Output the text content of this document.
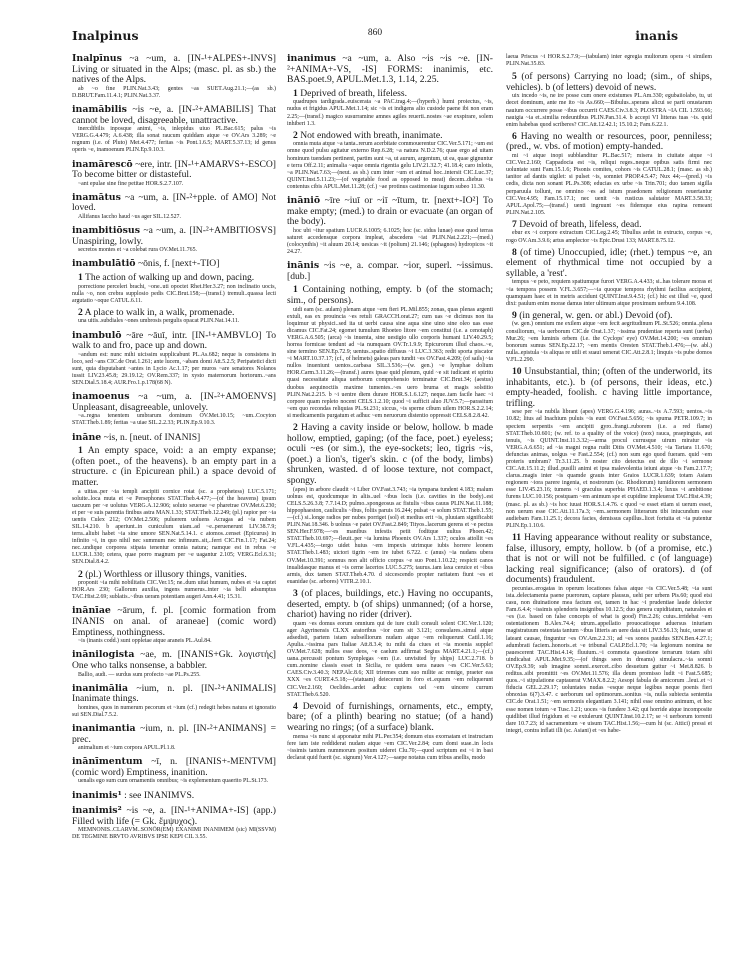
Inalpinus	860	inanis

Inalpīnus ~a ~um, a. [IN-¹+ALPES+-INVS] Living or situated in the Alps; (masc. pl. as sb.) the natives of the Alps.

ab ~o fine PLIN.Nat.3.43; gentes ~as SUET.Aug.21.1;—(as sb.) D.BRUT.Fam.11.4.1; PLIN.Nat.3.37.

inamābilis ~is ~e, a. [IN-²+AMABILIS] That cannot be loved, disagreeable, unattractive.

inercdibilis inposque animi, ~is, inlepidus uiuo PL.Bac.615; palus ~is VERG.G.4.479; A.6.438; illa sonat raucum quiddam atque ~e OV.Ars 3.289; ~e regnum (i.e. of Pluto) Met.4.477; feritas ~is Pont.1.6.5; MART.5.37.13; id genus operis ~e, inamoenum PLIN.Ep.9.10.3.

inamārescō ~ere, intr. [IN-¹+AMARVS+-ESCO] To become bitter or distasteful.

~ant epulae sine fine petitae HOR.S.2.7.107.

inamātus ~a ~um, a. [IN-²+pple. of AMO] Not loved.

Allifanus Iaccho haud ~us ager SIL.12.527.

inambitiōsus ~a ~um, a. [IN-²+AMBITIOSVS] Unaspiring, lowly.

secretos montes et ~a colebat rura OV.Met.11.765.

inambulātiō ~ōnis, f. [next+-TIO]

1 The action of walking up and down, pacing.

porrectione perceleri brachi, ~one..uti opoctet Rhet.Her.3.27; non inclinatio uocis, nulla ~o, non crebra supplosio pedis CIC.Brut.158;—(transf.) tremuli..quassa lecti argutatio ~oque CATUL.6.11.

2 A place to walk in, a walk, promenade.

una uitis..subdiales ~ones umbrosis pergulis opacat PLIN.Nat.14.11.

inambulō ~āre ~āuī, intr. [IN-¹+AMBVLO] To walk to and fro, pace up and down.

~andum est: nunc mihi uicissim supplicabunt PL.As.682; neque is consistens in loco, sed ~ans CIC.de Orat.1.261; ante lucem, ~abam domi Att.5.2.5; Peripatetici dicti sunt, quia disputabant ~antes in Lycio Ac.1.17; per muros ~are senatores Nolanos iussit LIV.23.45.8; 29.19.12; OV.Rem.337; in xysto maternorum hortorum..~ans SEN.Dial.5.18.4; AUR.Fro.1.p.178(68 N).

inamoenus ~a ~um, a. [IN-²+AMOENVS] Unpleasant, disagreeable, unlovely.

~a..regna tenentem umbrarum dominum OV.Met.10.15; ~um..Cocyton STAT.Theb.1.89; feritas ~a uiae SIL.2.2.33; PLIN.Ep.9.10.3.

ināne ~is, n. [neut. of INANIS]

1 An empty space, void: a an empty expanse; (often poet., of the heavens). b an empty part in a structure. c (in Epicurean phil.) a space devoid of matter.

a uittas..per ~ia templi ancipiti cornice rotat (sc. a prophetess) LUC.5.171; soluite..loca muta et ~e Persephones STAT.Theb.4.477;—(of the heavens) ipsum uacuum per ~e uolutus VERG.A.12.906; soluto seuerae ~e pharetrae OV.Met.6.230; et per ~e suis parentia finibus astra MAN.1.33; STAT.Theb.12.249; (pl.) rapior per ~ia uentis Culex 212; OV.Met.2.506; puluerem uoluens Acragas ad ~ia nubem SIL.14.210. b aperiunt..in cuniculum uiam..ad ~e..peruenerunt LIV.38.7.9; terra..aliubi habet ~ia sine umore SEN.Nat.5.14.1. c atomos..censet (Epicurus) in infinito ~i, in quo nihil nec summum nec infimum..sit,..ferri CIC.Fin.1.17; Fat.24; nec..undique corporea stipata tenentur omnia natura; namque est in rebus ~e LUCR.1.330; cetera, quae porro magnum per ~e uagantur 2.105; VERG.Ecl.6.31; SEN.Dial.8.4.2.

2 (pl.) Worthless or illusory things, vanities.

proponit ~ia mihi nobilitatis CIC.Ver.15; ne..dum uitat humum, nubes et ~ia captet HOR.Ars 230; Gallorum auxilia, ingens numerus..inter ~ia belli adsumptus TAC.Hist.2.69; sublatis..~ibus ueram potentiam augeri Ann.4.41; 15.31.

inānīae ~ārum, f. pl. [comic formation from INANIS on anal. of araneae] (comic word) Emptiness, nothingness.

~is (inanis codd.) sunt oppletae atque araneis PL.Aul.84.

inānilogista ~ae, m. [INANIS+Gk. λογιστής] One who talks nonsense, a babbler.

Ballio, audi. — surdus sum profecto ~ae PL.Ps.255.

inanimālia ~ium, n. pl. [IN-²+ANIMALIS] Inanimate things.

homines, quos in numerum pecorum et ~ium (cf.) redegit hebes natura et ignoratio sui SEN.Dial.7.5.2.

inanimantia ~ium, n. pl. [IN-²+ANIMANS] = prec.

animalium et ~ium corpora APUL.Pl.1.8.

inānīmentum ~ī, n. [INANIS+-MENTVM] (comic word) Emptiness, inanition.

uenalis ego sum cum ornamentis omnibus; ~is explementum quaerito PL.St.173.

inanimis¹ : see INANIMVS.

inanimis² ~is ~e, a. [IN-¹+ANIMA+-IS] (app.) Filled with life (= Gk. ἔμψυχος).

MEMNONIS..CLARVM..SONŌR(EM) EXANIMI INANIMEM (sic) MI(SSVM) DE TEGMINE BRVTO AVRIBVS IPSE KEPI CIL 3.55.

inanimus ~a ~um, a. Also ~is ~is ~e. [IN-²+ANIMA+-VS, -IS] FORMS: inanimis, etc. BAS.poet.9, APUL.Met.1.3, 1.14, 2.25.

1 Deprived of breath, lifeless.

quadrupes tardigrada..euiscerata ~a PAC.trag.4;—(hyperb.) humi proiectus, ~is, nudus et frigidus APUL.Met.1.14; sic ~is et indigens alio custode paene ibi non eram 2.25;—(transf.) magico susurramine amnes agiles reuerti..nostes ~ae exspirare, solem inhiberi 1.3.

2 Not endowed with breath, inanimate.

omnia muta atque ~a tanta..rerum acerbitate commouerentur CIC.Ver.5.171; ~um est omne quod pulsu agitatur externo Rep.6.28; ~a natura N.D.2.76; quae ergo ad uitam hominum tuendam pertinent, partim sunt ~a, ut aurum, argentum, ut ea, quae gignuntur e terra Off.2.11; animalia ~aque omnia rigentia gelu LIV.21.32.7; 41.18.4; caro inlotis, ~a PLIN.Nat.7.63;—(neut. as sb.) cum inter ~um et animal hoc..intersit CIC.Luc.37; QUINT.Inst.5.11.23;—(of vegetable food as opposed to meat) decem..diebus ~is contentus cibis APUL.Met.11.28; (cf.) ~ae protinus castimoniae iugum subeo 11.30.

ināniō ~īre ~iuī or ~iī ~ītum, tr. [next+-IO²] To make empty; (med.) to drain or evacuate (an organ of the body).

hoc ubi ~itur spatium LUCR.6.1005; 6.1025; hoc (sc. sidus lunae) esse quod terras saturet accedensque corpora impleat, abscedens ~iat PLIN.Nat.2.221;—(med.) (colocynthis) ~it aluum 20.14; uesicas ~it (polium) 21.146; (sphagnos) hydropicos ~it 24.27.

inānis ~is ~e, a. compar. ~ior, superl. ~issimus. [dub.]

1 Containing nothing, empty. b (of the stomach; sim., of persons).

uidi eam (sc. aulam) plenam atque ~em fieri PL.Mil.855; zonas, quas plenas argenti extuli, eas ex prouincia ~es retuli GRACCH.orat.27; cum uas ~e dicimus non ita loquimur ut physici..sed ita ut uerbi causa sine aqua sine uino sine oleo uas esse dicamus CIC.Fat.24; egomet tumulum Rhoeteo litore ~em constitui (i.e. a cenotaph) VERG.A.6.505; (arca) ~is inuenta, sine uestigio ullo corporis humani LIV.40.29.5; horrea formicae tendunt ad ~ia numquam OV.Tr.1.9.9; Epicurorum illud chaos..~e, sine termino SEN.Ep.72.9; uentus..spatio diffusus ~i LUC.3.363; redit sporta piscator ~i MART.10.37.17; (cf., of helmets) galeas pars tundit ~es OV.Fast.4.209; (of sails) ~ia nullos inueniunt uentos..carbasa SIL.3.536;—(w. gen.) ~e lymphae dolium HOR.Carm.3.11.26;—(transf.) aures ipsae quid plenum, quid ~e sit iudicant et spiritu quasi necessitate aliqua uerborum comprehensio terminatur CIC.Brut.34; (aestus) duobus aequinoctiis maxime tumentes..~es uero bruma et magis solstitio PLIN.Nat.2.215. b ~i uentre diem durare HOR.S.1.6.127; neque..tam facile haec ~i corpore quam repleto nocent CELS.1.2.10; quod ~i sufficit aluo JUV.5.7;—parasitum ~em quo recondas reliquias PL.St.231; siccus, ~is sperne cibum uilem HOR.S.2.2.14; si medicamentis purgatum et adhuc ~em neruorum distentio oppressit CELS.8.2.8.42.

2 Having a cavity inside or below, hollow. b made hollow, emptied, gaping; (of the face, poet.) eyeless; oculi ~es (or sim.), the eye-sockets; leo, tigris ~is, (poet.) a lion's, tiger's skin. c (of the body, limbs) shrunken, wasted. d of loose texture, not compact, spongy.

(apes) in arbore claudit ~i Liber OV.Fast.3.743; ~ia tympana tundent 4.183; malum uolnus est, quodcumque in aliis..uel ~ibus locis (i.e. cavities in the body)..est CELS.5.26.3.8; 7.7.14.D; pulmo..spongeosus ac fistulis ~ibus cauus PLIN.Nat.11.188; hippophaeston, cauliculis ~ibus, foliis paruis 16.244; pulsat ~e solum STAT.Theb.1.55;—(cf.) si..longe radios per nubes porriget (sol) et medius erit ~is, pluuiam significabit PLIN.Nat.18.346. b uolnus ~e patet OV.Fast.2.849; Tityos..lacerum gerens et ~e pectus SEN.Her.F.978;—~es manibus infestis petit foditque uultus Phoen.42; STAT.Theb.10.697;—fleuit..per ~ia lumina Phoenix OV.Ars 1.337; oculos attollit ~es V.FL.4.435;—tergo uidet huius ~em impexis utrimque iubis horrere leonem STAT.Theb.1.483; uictori tigrin ~em ire iubet 6.722. c (anus) ~ia nudans ubera OV.Met.10.391; somnus non alit officio corpus ~e suo Pont.1.10.22; respicit canos inualidasque manus et ~is cerne lacertos LUC.5.275; taurus..iam laxa ceruice et ~ibus armis, dux tamen STAT.Theb.4.70. d siccescendo propter raritatem fiunt ~es et euanidae (sc. arbores) VITR.2.10.1.

3 (of places, buildings, etc.) Having no occupants, deserted, empty. b (of ships) unmanned; (of a horse, chariot) having no rider (driver).

quam ~es domus eorum omnium qui de iure ciuili consuli solent CIC.Ver.1.120; ager Agyrinensis CLXX aratoribus ~ior cum sit 3.121; consulares..simul atque adsedisti, partem istam subselliorum nudam atque ~em reliquerunt Catil.1.16; Apulia..~issima pars Italiae Att.8.3.4; tu mihi da ciues et ~ia moenia supple! OV.Met.7.628; nullos esse deos, ~e caelum adfirmat Segius MART.4.21.1;—(cf.) uana..percussit pontum Symplegas ~em (i.e. unvisited by ships) LUC.2.718. b cum..nomine classis esset in Sicilia, re quidem uera naues ~es CIC.Ver.5.63; CAES.Civ.3.40.3; NEP.Alc.8.6; XII triremes cum suo milite ac remige, praeter eas XXX ~es CURT.4.5.18;—(statuam) deiecerunt in foro et..equum ~em reliquerunt CIC.Ver.2.160; Oeclides..ardet adhuc cupiens uel ~em uincere currum STAT.Theb.6.520.

4 Devoid of furnishings, ornaments, etc., empty, bare; (of a plinth) bearing no statue; (of a hand) wearing no rings; (of a surface) blank.

mensa ~is nunc si apponatur mihi PL.Per.354; domum eius exornatam et instructam fere iam iste reddiderat nudam atque ~em CIC.Ver.2.84; cum domi suae..in locis ~issimis tantum nummorum positum uideret Clu.70;—quod scriptum est ~i in basi declarat quid fuerit (sc. signum) Ver.4.127;—saepe notatus cum tribus anellis, modo

laeua Priscus ~i HOR.S.2.7.9;—(tabulam) inter egregia multorum opera ~i similem PLIN.Nat.35.83.

5 (of persons) Carrying no load; (sim., of ships, vehicles). b (of letters) devoid of news.

uix incedo ~is, ne ire posse cum onere existumes PL.Am.330; egubaiiolabo, tu, ut decet dominum, ante me ito ~is As.660;—Bibulus..sperans alicui se parti onustarum nauium occurrere posse ~ibus occurrit CAES.Civ.3.8.3; PLOSTRA ~IA CIL 1.593.66; nauigia ~ia et..similia redeuntibus PLIN.Pan.31.4. b accepi VI litteras tuas ~is. quid enim habebas quod scriberes? CIC.Att.12.42.1; 15.10.2; Fam.6.22.1.

6 Having no wealth or resources, poor, penniless; (pred., w. vbs. of motion) empty-handed.

mi ~i atque inopi subblanditur PL.Bac.517; misera in ciuitate atque ~i CIC.Ver.2.160; Cappadocia est ~is, reliqui reges..neque opibus satis firmi nec uoluntate sunt Fam.15.1.6; Pisonis comites, cohors ~is CATUL.28.1; (masc. as sb.) ianitor ad dantis uigilet: si pulset ~is, somniet PROP.4.5.47; Nux 44;—(pred.) ~is cedis, dicta non sonant PL.Ps.308; educias ex urbe ~is Trin.701; duo tamen sigilla perparuula tollunt, ne omnino ~es ad istum praedonem religionum reuertantur CIC.Ver.4.95; Fam.15.17.1; nec uenit ~is rusticus salutator MART.3.58.33; APUL.Apol.75;—(transf.) uenti ingruunt ~es fidemque eius rapina remeant PLIN.Nat.2.105.

7 Devoid of breath, lifeless, dead.

ebur ex ~i corpore extractum CIC.Leg.2.45; Tibullus ardet in extructo, corpus ~e, rogo OV.Am.3.9.6; artus amplector ~is Epic.Drusi 133; MART.8.75.12.

8 (of time) Unoccupied, idle; (rhet.) tempus ~e, an element of rhythmical time not occupied by a syllable, a 'rest'.

tempus ~e peto, requiem spatiumque furori VERG.A.4.433; si..has tolerare moras et ~ia tempora possem V.FL.3.657;—~ia quoque tempora rhythmi facilius accipient, quamquam haec et in metris accidunt QUINT.Inst.9.4.51; (cf.) hic est illud ~e, quod dixi: paulum enim morae damus inter ultimum atque proximum uerbum 9.4.108.

9 (in general, w. gen. or abl.) Devoid (of).

(w. gen.) omnium me exilem atque ~em fecit aegritudinum PL.St.526; omnia..plena consiliorum, ~ia uerborum CIC.de Orat.1.37; ~issima prudentiae reperta sunt (uerba) Mur.26; ~em luminis orbem (i.e. the Cyclops' eye) OV.Met.14.200; ~es omnium bonorum sumus SEN.Ep.22.17; ~em mentis Oresten STAT.Theb.1.476;—(w. abl.) nulla..epistula ~is aliqua re utili et suaui uenerat CIC.Att.2.8.1; linquis ~is pube domos V.FL.2.290.

10 Unsubstantial, thin; (often of the underworld, its inhabitants, etc.). b (of persons, their ideas, etc.) empty-headed, foolish. c having little importance, trifling.

sese per ~ia nubila librant (apes) VERG.G.4.196; auras..~is A.7.593; uentos..~is 10.82; litus ad Inachium puluis ~is eunt OV.Fast.5.656; ~is spuma PETR.109.7; in speciem serpentis ~em ancipiti gyro..frangi..ruborem (i.e. a red flame) STAT.Theb.10.601; (w. ref. to a quality of the voice) (nox) rauca, praepinguis, aut tenuis, ~is QUINT.Inst.11.3.32;—arma procul currusque uirum miratur ~is VERG.A.6.651; ad ~ia magni regna rudit Ditis OV.Met.4.510; ~ia Tartara 11.670; defunctas animas, uolgus ~e Fast.2.554; (cf.) non sum ego quod fueram. quid ~em proteris umbram? Tr.3.11.25. b noster cito deiectus est de illo ~i sermone CIC.Att.15.11.2; illud..pusilli animi et ipsa malevolentia ieiuni atque ~is Fam.2.17.7; clarus..magis inter ~is quamde grauis inter Graios LUCR.1.639; totam Asiam regionem ~iora parere ingenia, et nostrorum (sc. Rhodiorum) tumidiorem sermonem esse LIV.45.23.16; tumens ~i graculus superbia PHAED.1.3.4; luxus ~i ambitione furens LUC.10.156; postquam ~em animum spe et cupidine impleuerat TAC.Hist.4.39; (masc. pl. as sb.) ~is hoc iuuat HOR.S.1.4.76. c quod ~e esset etiam si uerum esset, non uerum esse CIC.Att.11.17a.3; ~em..sermonem litterarum tibi iniucundum esse audiebam Fam.11.25.1; decora facies, demissus capillus..licet fortuita et ~ia putentur PLIN.Ep.1.10.6.

11 Having appearance without reality or substance, false, illusory, empty, hollow. b (of a promise, etc.) that is not or will not be fulfilled. c (of language) lacking real significance; (also of orators). d (of documents) fraudulent.

pecunias..erogatas in operum locationes falsas atque ~is CIC.Ver.5.48; ~ia sunt ista..delectamenta paene puerorum, captare plausus, uehi per urbem Pis.60; quod etsi casu, non diuinatione mea factum est, tamen in hac ~i prudentiae laude delector Fam.6.4.4; ~issimis splendoris insignibus 10.12.5; duo genera cupiditatum, naturales et ~es (i.e. based on false concepts of what is good) Fin.2.26; cuius..irridebat ~em ostentationem B.Alex.74.4; utrum..appellatio prouocatioque aduersus iniuriam magistratuum ostentata tantum ~ibus litteris an uere data sit LIV.3.56.13; huic, uerae ut lateant causae, finguntur ~es OV.Am.2.2.31; ad ~es sonos pauidus SEN.Ben.4.27.1; adumbrati faciem..honoris..et ~e tribunal CALP.Ecl.1.70; ~ia legionum nomina ne pauescerent TAC.Hist.4.14; fluuium..~i commota quaestione terrarum totam sibi uindicabat APUL.Met.9.35;—(of things seen in dreams) simulacra..~ia somni OV.Ep.9.39; sub imagine somni..exercet..cibo desuetum guttur ~i Met.8.826. b reditus..sibi promittit ~es OV.Met.11.576; illa deum promisso ludit ~i Fast.5.685; quos..~i stipulatione captauerat V.MAX.8.2.2; Aesopi fabula de amicorum ..leui..et ~i fiducia GEL.2.29.17; uoluntates nudas ~esque neque legibus neque poenis fieri obnoxias 6(7).3.47. c uerborum uel optimorum..sonitus ~is, nulla subiecta sententia CIC.de Orat.1.51; ~em sermonis elegantiam 3.141; nihil esse omnino animum, et hoc esse nomen totum ~e Tusc.1.21; uoces ~is fundere 3.42; qui horride atque incomposite quidlibet illud frigidum et ~e extulerunt QUINT.Inst.10.2.17; se ~i uerborum torrenti dare 10.7.23; id sacramentum ~e uisum TAC.Hist.1.56;—cum hi (sc. Attici) pressi et integri, contra inflati illi (sc. Asiani) et ~es habe-
